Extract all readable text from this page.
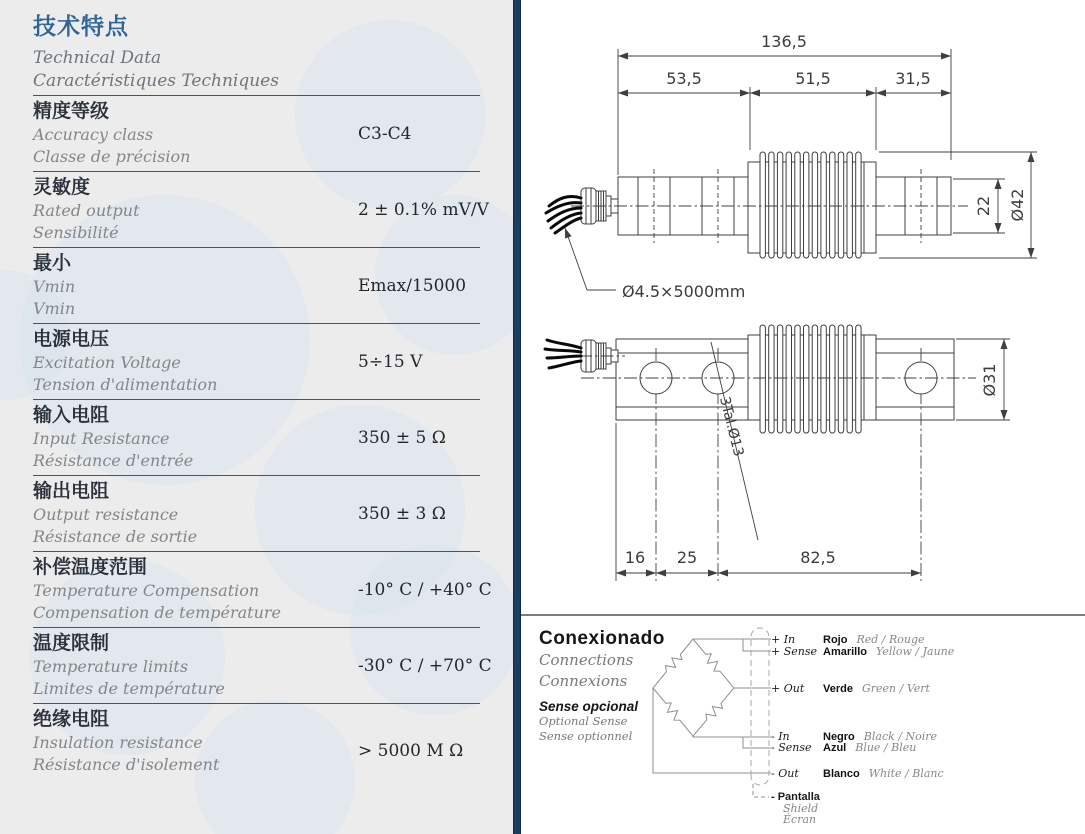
技术特点
Technical Data
Caractéristiques Techniques
精度等级
Accuracy class
Classe de précision
C3-C4
灵敏度
Rated output
Sensibilité
2 ± 0.1% mV/V
最小
Vmin
Vmin
Emax/15000
电源电压
Excitation Voltage
Tension d'alimentation
5÷15 V
输入电阻
Input Resistance
Résistance d'entrée
350 ± 5 Ω
输出电阻
Output resistance
Résistance de sortie
350 ± 3 Ω
补偿温度范围
Temperature Compensation
Compensation de température
-10° C / +40° C
温度限制
Temperature limits
Limites de température
-30° C / +70° C
绝缘电阻
Insulation resistance
Résistance d'isolement
> 5000 M Ω
136,5
53,5	51,5	31,5
22 Ø42
Ø4.5×5000mm
3Tal.Ø13
Ø31
16 25	82,5
Conexionado
Connections
Connexions
Sense opcional
Optional Sense
Sense optionnel
+ In	Rojo Red / Rouge
+ Sense Amarillo Yellow / Jaune
+ Out Verde Green / Vert
- In	Negro Black / Noire
- Sense Azul Blue / Bleu
- Out Blanco White / Blanc
- Pantalla
Shield
Écran
